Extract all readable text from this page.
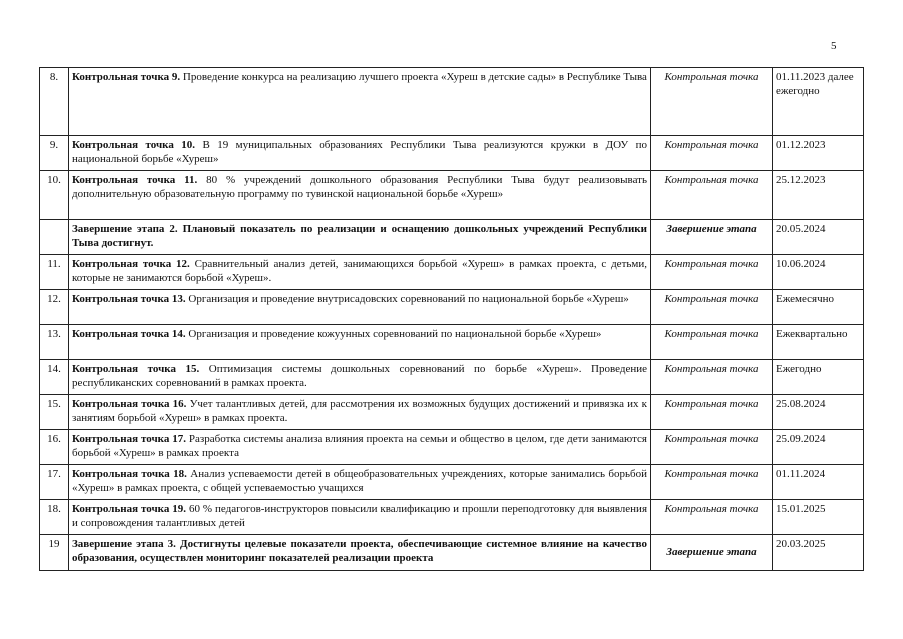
5
8.	Контрольная точка 9. Проведение конкурса на реализацию лучшего проекта «Хуреш в детские сады» в Республике Тыва	Контрольная точка	01.11.2023 далее ежегодно
9.	Контрольная точка 10. В 19 муниципальных образованиях Республики Тыва реализуются кружки в ДОУ по национальной борьбе «Хуреш»	Контрольная точка	01.12.2023
10.	Контрольная точка 11. 80 % учреждений дошкольного образования Республики Тыва будут реализовывать дополнительную образовательную программу по тувинской национальной борьбе «Хуреш»	Контрольная точка	25.12.2023
	Завершение этапа 2. Плановый показатель по реализации и оснащению дошкольных учреждений Республики Тыва достигнут.	Завершение этапа	20.05.2024
11.	Контрольная точка 12. Сравнительный анализ детей, занимающихся борьбой «Хуреш» в рамках проекта, с детьми, которые не занимаются борьбой «Хуреш».	Контрольная точка	10.06.2024
12.	Контрольная точка 13. Организация и проведение внутрисадовских соревнований по национальной борьбе «Хуреш»	Контрольная точка	Ежемесячно
13.	Контрольная точка 14. Организация и проведение кожуунных соревнований по национальной борьбе «Хуреш»	Контрольная точка	Ежеквартально
14.	Контрольная точка 15. Оптимизация системы дошкольных соревнований по борьбе «Хуреш». Проведение республиканских соревнований в рамках проекта.	Контрольная точка	Ежегодно
15.	Контрольная точка 16. Учет талантливых детей, для рассмотрения их возможных будущих достижений и привязка их к занятиям борьбой «Хуреш» в рамках проекта.	Контрольная точка	25.08.2024
16.	Контрольная точка 17. Разработка системы анализа влияния проекта на семьи и общество в целом, где дети занимаются борьбой «Хуреш» в рамках проекта	Контрольная точка	25.09.2024
17.	Контрольная точка 18. Анализ успеваемости детей в общеобразовательных учреждениях, которые занимались борьбой «Хуреш» в рамках проекта, с общей успеваемостью учащихся	Контрольная точка	01.11.2024
18.	Контрольная точка 19. 60 % педагогов-инструкторов повысили квалификацию и прошли переподготовку для выявления и сопровождения талантливых детей	Контрольная точка	15.01.2025
19	Завершение этапа 3. Достигнуты целевые показатели проекта, обеспечивающие системное влияние на качество образования, осуществлен мониторинг показателей реализации проекта	Завершение этапа	20.03.2025
